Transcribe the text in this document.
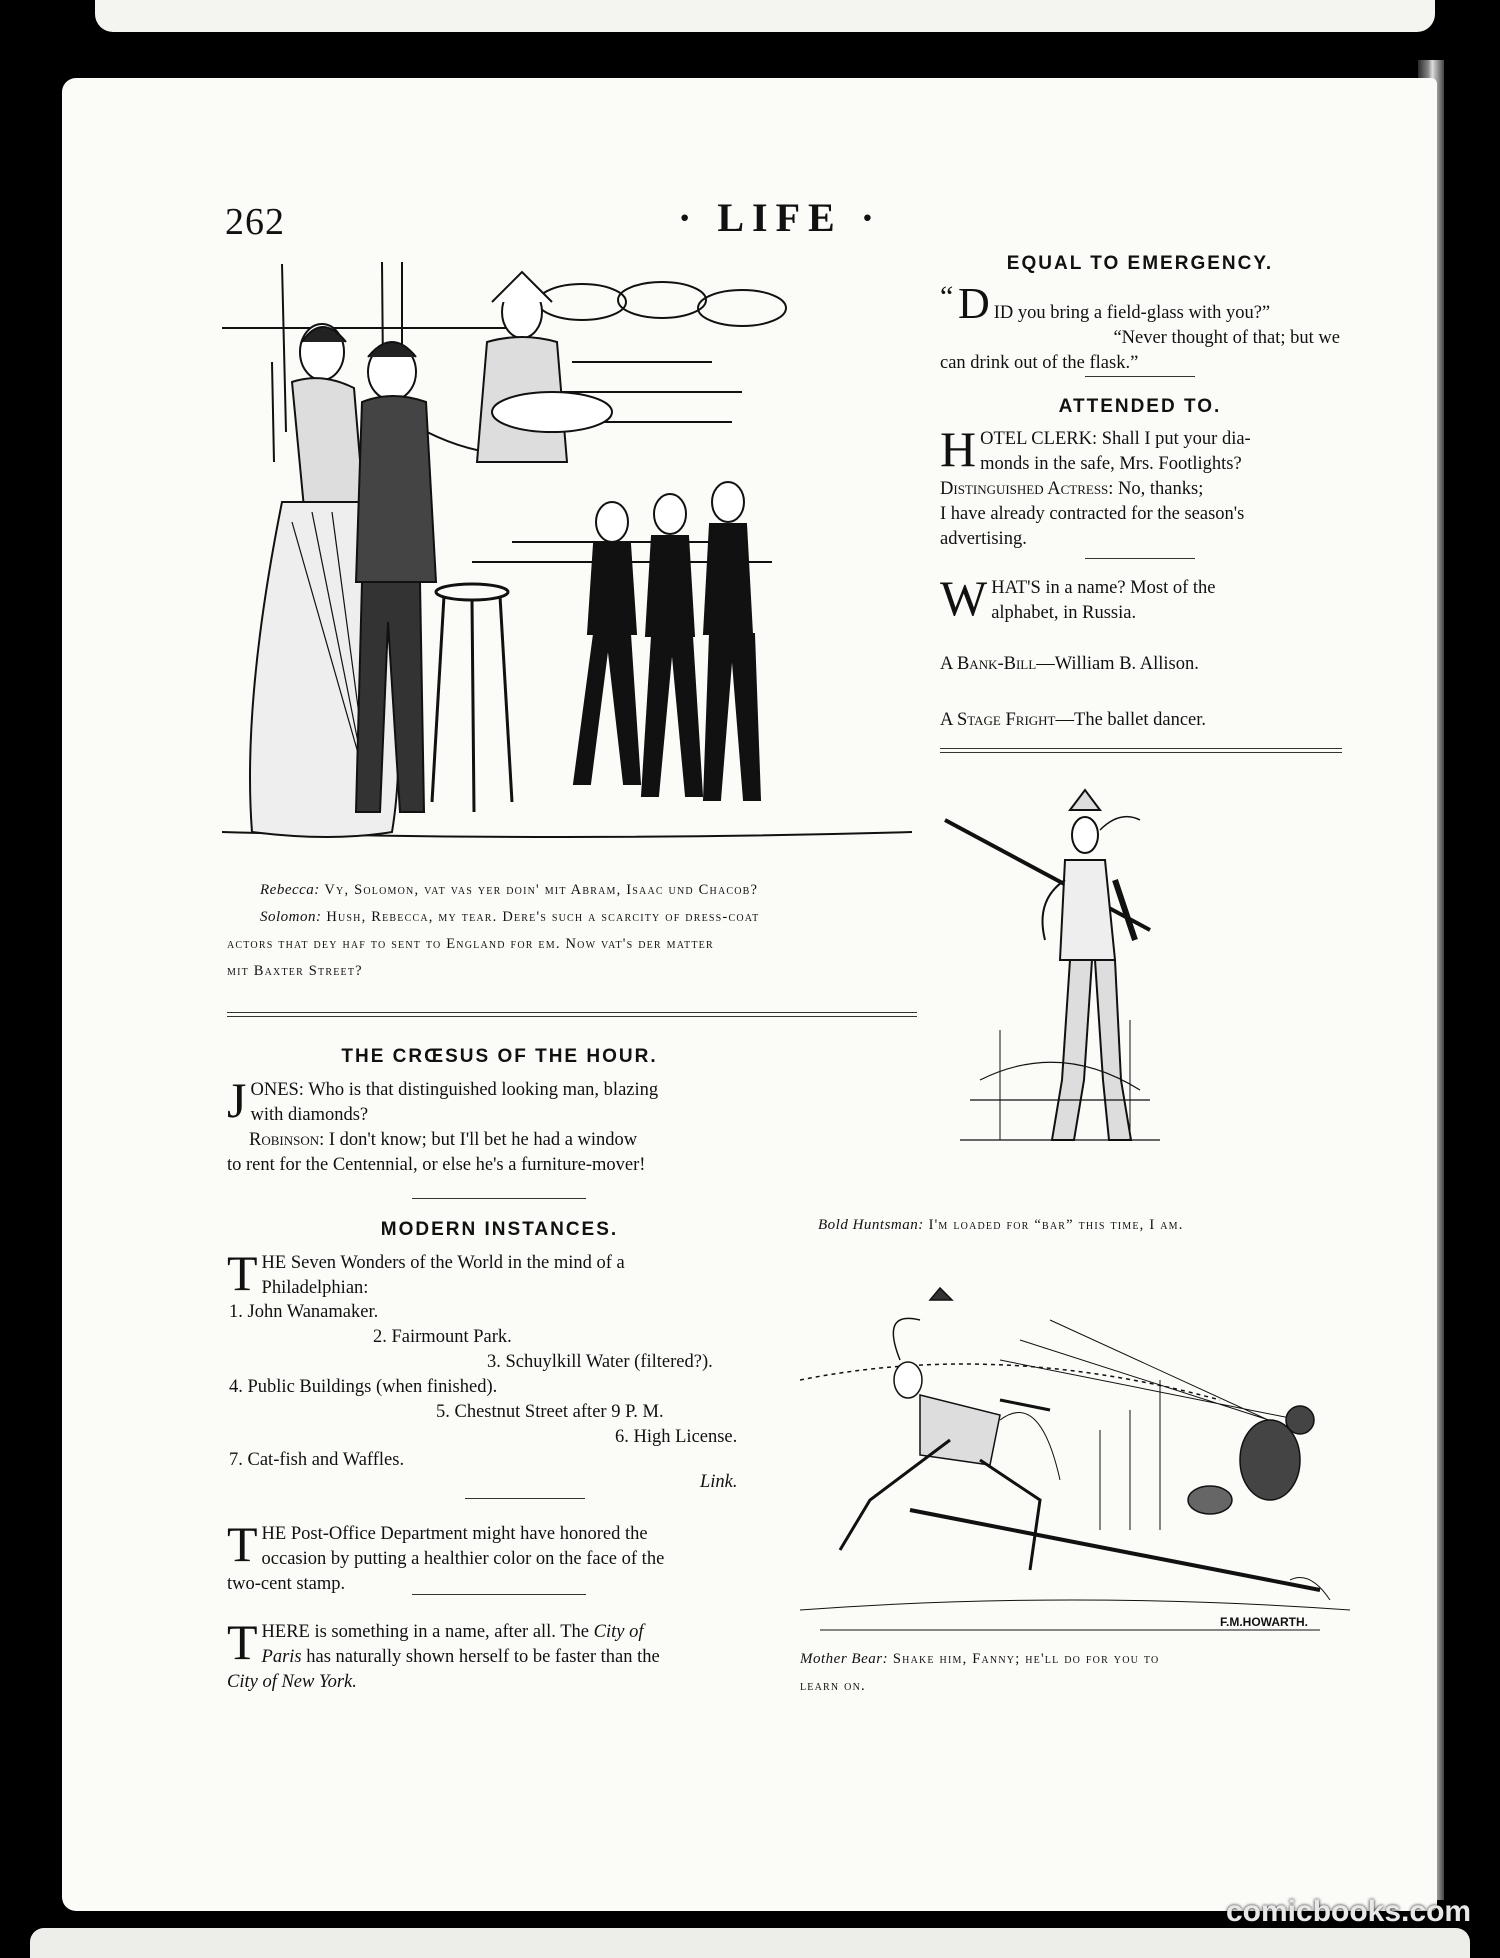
262	· LIFE ·
Rebecca: Vy, Solomon, vat vas yer doin' mit Abram, Isaac und Chacob?
Solomon: Hush, Rebecca, my tear. Dere's such a scarcity of dress-coat
actors that dey haf to sent to England for em. Now vat's der matter
mit Baxter Street?
EQUAL TO EMERGENCY.
“ D ID you bring a field-glass with you?”
“Never thought of that; but we
can drink out of the flask.”
ATTENDED TO.
H OTEL CLERK: Shall I put your dia-
monds in the safe, Mrs. Footlights?
Distinguished Actress: No, thanks;
I have already contracted for the season's
advertising.
W HAT'S in a name? Most of the
alphabet, in Russia.
A Bank-Bill—William B. Allison.
A Stage Fright—The ballet dancer.
Bold Huntsman: I'm loaded for “bar” this time, I am.
THE CRŒSUS OF THE HOUR.
J ONES: Who is that distinguished looking man, blazing
with diamonds?
Robinson: I don't know; but I'll bet he had a window
to rent for the Centennial, or else he's a furniture-mover!
MODERN INSTANCES.
T HE Seven Wonders of the World in the mind of a
Philadelphian:
1. John Wanamaker.
2. Fairmount Park.
3. Schuylkill Water (filtered?).
4. Public Buildings (when finished).
5. Chestnut Street after 9 P. M.
6. High License.
7. Cat-fish and Waffles.
Link.
T HE Post-Office Department might have honored the
occasion by putting a healthier color on the face of the
two-cent stamp.
T HERE is something in a name, after all. The City of
Paris has naturally shown herself to be faster than the
City of New York.
F.M.HOWARTH.
Mother Bear: Shake him, Fanny; he'll do for you to
learn on.
comicbooks.com
